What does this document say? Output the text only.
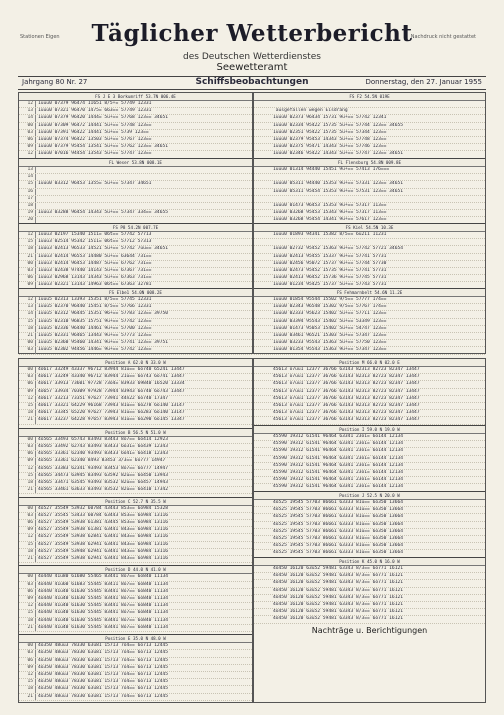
Stationen Eigen	Nachdruck nicht gestattet
Täglicher Wetterbericht
des Deutschen Wetterdienstes
Seewetteramt
Jahrgang 80 Nr. 27	Schiffsbeobachtungen	Donnerstag, den 27. Januar 1955
FS J E 3 Borkumriff 53.7N 006.4E
12 1uuu0 07379 96474 11651 8/5+= 57749 12331
13 1uuu0 07321 96470 1475= 663== 57749 12331
14 1uuu0 07379 96420 1444= 5u+== 57768 123== 34651
00 1uuu0 07309 96472 14441 5u+== 57748 123==
03 1uuu0 07391 96422 14441 5u+== 5739 123==
06 1uuu0 07374 96422 13503 5u+== 57767 123==
09 1uuu0 07379 95454 13541 5u+== 57762 123== 34651
12 1uuu0 07016 94454 13543 5u+== 57747 123==
FL Weser 53.8N 008.1E
13
14
15 1uuu0 03312 96453 1355= 5u+== 57347 34651
16
17
18
19 1uuu3 03288 96454 14343 5u+== 57347 334== 34655
20
FS P8 54.2N 007.7E
12 1uuu3 02197 15340 1511= 06t== 57742 57713
15 1uuu3 02514 95342 1511= 06t== 57712 57313
18 1uuu3 02413 96533 14521 5u+== 57742 7uu== 34651
21 1uuu3 02414 96553 14480 5u+== 63644 731==
00 1uuu3 02414 96453 14487 5u+== 67762 731==
03 1uuu3 02438 97440 14143 5u+== 67367 731==
06 1uuu3 02968 13143 14343 5u+== 67363 731==
09 1uuu3 02321 13143 14963 06t== 67363 32781
FS Elbe1 54.0N 008.2E
12 1uuu5 02313 13393 15351 8/5== 57745 12331
13 1uuu5 02370 96440 15451 8/5== 57766 12331
14 1uuu5 02312 96445 15351 96+== 57783 123== 39750
15 1uuu5 02310 96835 15751 9u+== 57742 123==
18 1uuu5 02336 96440 14461 9u+== 57700 123==
21 1uuu5 02331 96465 13443 9u+== 57773 123==
00 1uuu5 02360 95460 14341 9u+== 57741 123== 39751
03 1uuu5 02302 94456 1446= 9u+== 57742 123==
FS F2 54.5N 019E
ausgefallen wegen Eisdrang
1uuu0 02373 96434 15731 9u+== 57742 12341
1uuu0 02334 95422 15735 5u+== 57744 123== 34655
1uuu0 02351 95422 15735 5u+== 57344 123==
1uuu0 02379 95453 14343 5u+== 57748 123==
1uuu0 02375 95471 14343 5u+== 57746 123==
1uuu0 02346 95422 14343 5u+== 57747 123== 34651
FL Flensburg 54.8N 009.8E
1uuu0 01314 94440 15451 9u+== 57413 176===
1uuu0 05311 94440 15353 9u+== 57331 123== 34651
1uuu0 05311 95454 15353 9u+== 57531 123== 34651
1uuu0 01473 96453 15353 9u+== 57317 113==
1uuu0 03268 95453 15343 9u+== 57317 113==
1uuu0 03268 95454 14341 9u+== 57617 123==
FS Kiel 54.5N 10.3E
1uuu0 01893 94341 15382 8/5== 6u211 11231
1uuu0 02732 95452 15363 9u+== 57742 57721 34654
1uuu0 02413 95455 15337 9u+== 57741 57731
1uuu0 02456 95072 15737 9u+== 57744 57730
1uuu0 02473 95452 15735 9u+== 57741 57731
1uuu0 02413 96452 15736 9u+== 57745 57731
1uuu0 01234 95425 15737 5u+== 57743 57731
FS Fehmarnbelt 54.6N 11.2E
1uuu0 01854 95544 15502 9/5== 57777 174==
1uuu0 02343 96548 15302 9/5== 57767 174==
1uuu0 02333 95623 15402 5u+== 57711 123==
1uuu0 03394 95543 15402 5u+== 53349 123==
1uuu0 01473 95053 15402 5u+== 54747 123==
1uuu0 03461 96521 15303 5u+== 57347 123==
1uuu0 03233 95543 15363 5u+== 57750 123==
1uuu0 01354 95543 15363 9u+== 57347 123==
Position A 62.0 N 33.0 W
00 4o617 33249 43337 96712 83944 81u== 6o740 65241 13447
03 4o617 33249 43340 96712 83944 21u== 6o743 6o741 13447
06 4o617 33913 73601 97728 73o4= 83933 69840 16520 13334
09 4o657 33934 70309 97928 73944 83943 6o740 6o743 13447
12 4o617 33213 73351 97627 73941 44n22 6o740 17347
15 4o617 33321 64229 96168 73943 81u== 6o278 6o140 13147
18 4o617 33345 65220 97627 73943 81u== 6o283 6o140 13147
21 4o617 33237 64228 97657 83943 81u== 6o290 6o145 13347
Position B 56.5 N 51.0 W
00 4o565 33493 65743 83493 83443 8o7== 6o414 12923
03 4o565 33492 62743 83493 83433 6o31= 6o439 12343
06 4o565 33361 62340 93493 83433 6o41= 6o418 12343
09 4o565 33361 62340 8493 83453 3/3== 6o777 14947
12 4o565 33383 62341 93493 83453 8o7== 6o777 14947
15 4o565 34473 63945 83493 63592 82u== 6o450 13943
18 4o565 33471 63545 93493 83532 82u== 6o457 14943
21 4o565 33461 63633 83493 83532 82u== 6o410 17342
Position C 52.7 N 35.5 W
00 4o527 35549 53932 60784 43443 853== 6o984 15328
03 4o527 35545 53433 60784 63443 853== 6o984 13116
06 4o527 35549 53938 61381 43445 853== 6o984 13116
09 4o527 35549 53938 61381 63441 843== 6o984 13116
12 4o527 35549 53938 62841 63441 843== 6o984 13116
15 4o527 35549 53938 62941 63441 843== 6o984 13116
18 4o527 35549 53948 62941 63441 843== 6o984 13116
21 4o527 35549 53938 62941 63441 843== 6o984 13116
Position D 44.0 N 41.0 W
00 4o440 41u80 61680 55465 83441 8o7== 6o840 11134
03 4o440 41u60 61683 55445 83411 8o7== 6o840 11134
06 4o440 41u40 61630 55445 83441 8o7== 6o840 11134
09 4o440 41u40 61630 55445 83441 8o7== 6o840 11134
12 4o440 41u40 61630 55445 83441 8o7== 6o840 11134
15 4o440 41u40 61630 55445 83441 8o7== 6o840 11134
18 4o440 41u40 61630 55445 83441 8o7== 6o840 11134
21 4o440 41u40 61630 55445 83441 8o7== 6o840 11134
Position E 35.0 N 48.0 W
00 4o350 48uu3 78330 63u81 15713 7o4== 6o713 12445
03 4o350 48uu3 78330 63u81 15713 7o4== 6o713 12445
06 4o350 48uu3 78330 63u81 15713 7o4== 6o713 12445
09 4o350 48uu3 78330 63u81 15713 7o4== 6o713 12445
12 4o350 48uu3 78330 63u81 15713 7o4== 6o713 12445
15 4o350 48uu3 78330 63u81 15713 7o4== 6o713 12445
18 4o350 48uu3 78330 63u81 15713 7o4== 6o713 12445
21 4o350 48uu3 78330 63u81 15713 7o4== 6o713 12445
Position M 66.0 N 02.0 E
45613 o7uu1 12377 36766 63143 82313 82723 82347 13447
45613 o7uu1 12377 36766 63143 82313 82723 82347 13447
45613 o7uu1 12377 36766 63143 82313 82723 82347 13447
45613 o7uu1 12377 36766 63143 82313 82723 82347 13447
45613 o7uu1 12377 36766 63143 82313 82723 82347 13447
45613 o7uu1 12377 36766 63143 82313 82723 82347 13447
45613 o7uu1 12377 36766 63143 82313 82723 82347 13447
45613 o7uu1 12377 36766 63143 82313 82723 82347 13447
Position I 59.0 N 19.0 W
45590 19312 61541 96464 63341 23o1= 6o144 12134
45590 19312 61541 96464 63341 23o1= 6o144 12134
45590 19312 61541 96464 63341 23o1= 6o144 12134
45590 19312 61541 96464 63341 23o1= 6o144 12134
45590 19312 61541 96464 63341 23o1= 6o144 12134
45590 19312 61541 96464 63341 23o1= 6o144 12134
45590 19312 61541 96464 63341 23o1= 6o144 12134
45590 19312 61541 96464 63341 23o1= 6o144 12134
Position J 52.5 N 20.0 W
4o525 19545 57703 86661 63333 81u== 6o350 13664
4o525 19545 57703 86661 63333 81u== 6o350 13664
4o525 19545 57703 86661 63333 81u== 6o350 13664
4o525 19545 57703 86661 63333 81u== 6o350 13664
4o525 19545 57703 86661 63333 81u== 6o350 13664
4o525 19545 57703 86661 63333 81u== 6o350 13664
4o525 19545 57703 86661 63333 81u== 6o350 13664
4o525 19545 57703 86661 63333 81u== 6o350 13664
Position K 45.0 N 16.0 W
4o450 16120 63u52 59481 63343 8/3== 6o771 16121
4o450 16120 63u52 59481 63343 8/3== 6o771 16121
4o450 16120 63u52 59481 63343 8/3== 6o771 16121
4o450 16120 63u52 59481 63343 8/3== 6o771 16121
4o450 16120 63u52 59481 63343 8/3== 6o771 16121
4o450 16120 63u52 59481 63343 8/3== 6o771 16121
4o450 16120 63u52 59481 63343 8/3== 6o771 16121
4o450 16120 63u52 59481 63343 8/3== 6o771 16121
Nachträge u. Berichtigungen
